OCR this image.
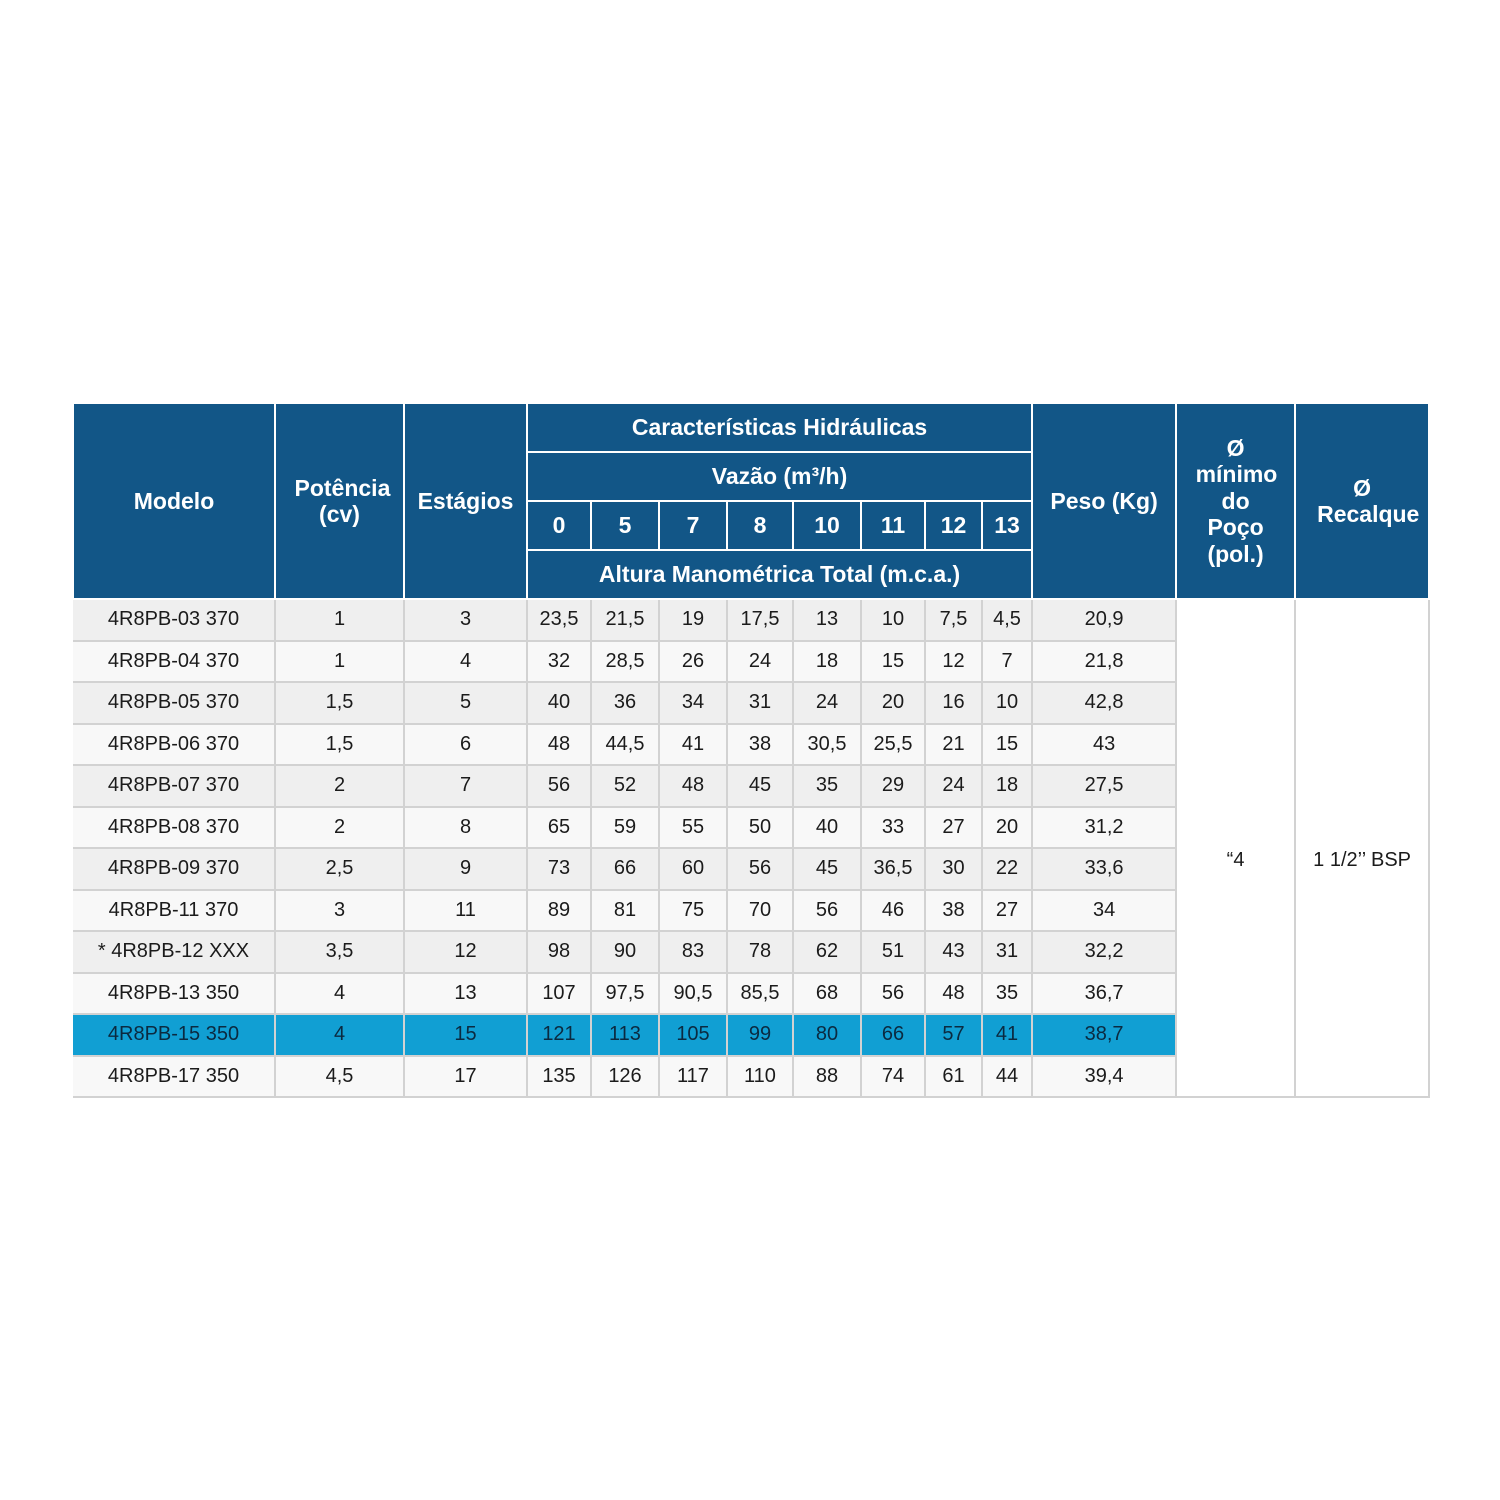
Modelo	Potência (cv)	Estágios	Características Hidráulicas								Peso (Kg)	Ø mínimo do Poço (pol.)	Ø Recalque
			Vazão (m³/h)										
			0	5	7	8	10	11	12	13			
			Altura Manométrica Total (m.c.a.)										
4R8PB-03 370	1	3	23,5	21,5	19	17,5	13	10	7,5	4,5	20,9	“4	1 1/2’’ BSP
4R8PB-04 370	1	4	32	28,5	26	24	18	15	12	7	21,8		
4R8PB-05 370	1,5	5	40	36	34	31	24	20	16	10	42,8		
4R8PB-06 370	1,5	6	48	44,5	41	38	30,5	25,5	21	15	43		
4R8PB-07 370	2	7	56	52	48	45	35	29	24	18	27,5		
4R8PB-08 370	2	8	65	59	55	50	40	33	27	20	31,2		
4R8PB-09 370	2,5	9	73	66	60	56	45	36,5	30	22	33,6		
4R8PB-11 370	3	11	89	81	75	70	56	46	38	27	34		
* 4R8PB-12 XXX	3,5	12	98	90	83	78	62	51	43	31	32,2		
4R8PB-13 350	4	13	107	97,5	90,5	85,5	68	56	48	35	36,7		
4R8PB-15 350	4	15	121	113	105	99	80	66	57	41	38,7		
4R8PB-17 350	4,5	17	135	126	117	110	88	74	61	44	39,4		
